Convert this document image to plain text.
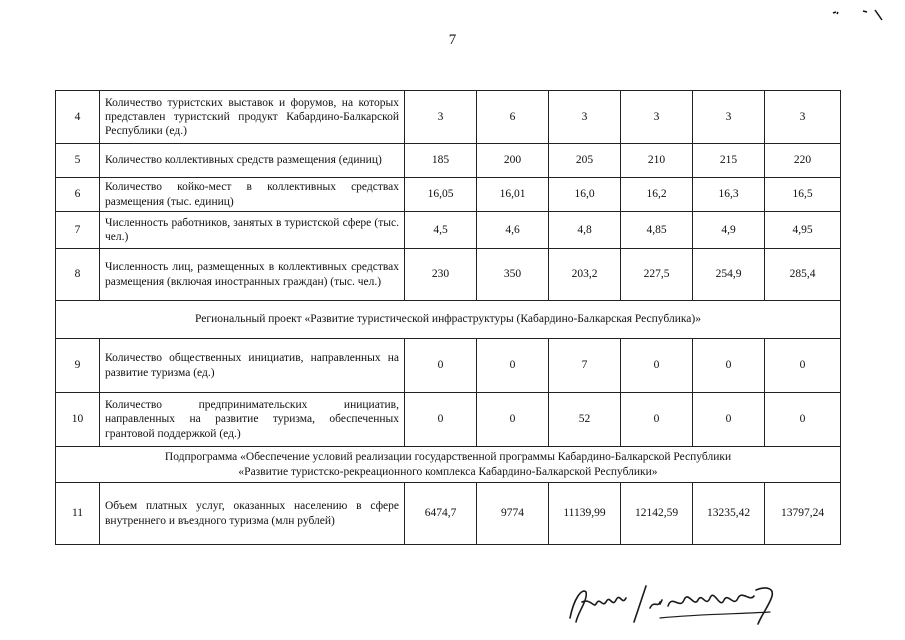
7
4	Количество туристских выставок и форумов, на которых представлен туристский продукт Кабардино-Балкарской Республики (ед.)	3	6	3	3	3	3
5	Количество коллективных средств размещения (единиц)	185	200	205	210	215	220
6	Количество койко-мест в коллективных средствах размещения (тыс. единиц)	16,05	16,01	16,0	16,2	16,3	16,5
7	Численность работников, занятых в туристской сфере (тыс. чел.)	4,5	4,6	4,8	4,85	4,9	4,95
8	Численность лиц, размещенных в коллективных средствах размещения (включая иностранных граждан) (тыс. чел.)	230	350	203,2	227,5	254,9	285,4

Региональный проект «Развитие туристической инфраструктуры (Кабардино-Балкарская Республика)»							

9	Количество общественных инициатив, направленных на развитие туризма (ед.)	0	0	7	0	0	0
10	Количество предпринимательских инициатив, направленных на развитие туризма, обеспеченных грантовой поддержкой (ед.)	0	0	52	0	0	0

Подпрограмма «Обеспечение условий реализации государственной программы Кабардино-Балкарской Республики
«Развитие туристско-рекреационного комплекса Кабардино-Балкарской Республики»							

11	Объем платных услуг, оказанных населению в сфере внутреннего и въездного туризма (млн рублей)	6474,7	9774	11139,99	12142,59	13235,42	13797,24
